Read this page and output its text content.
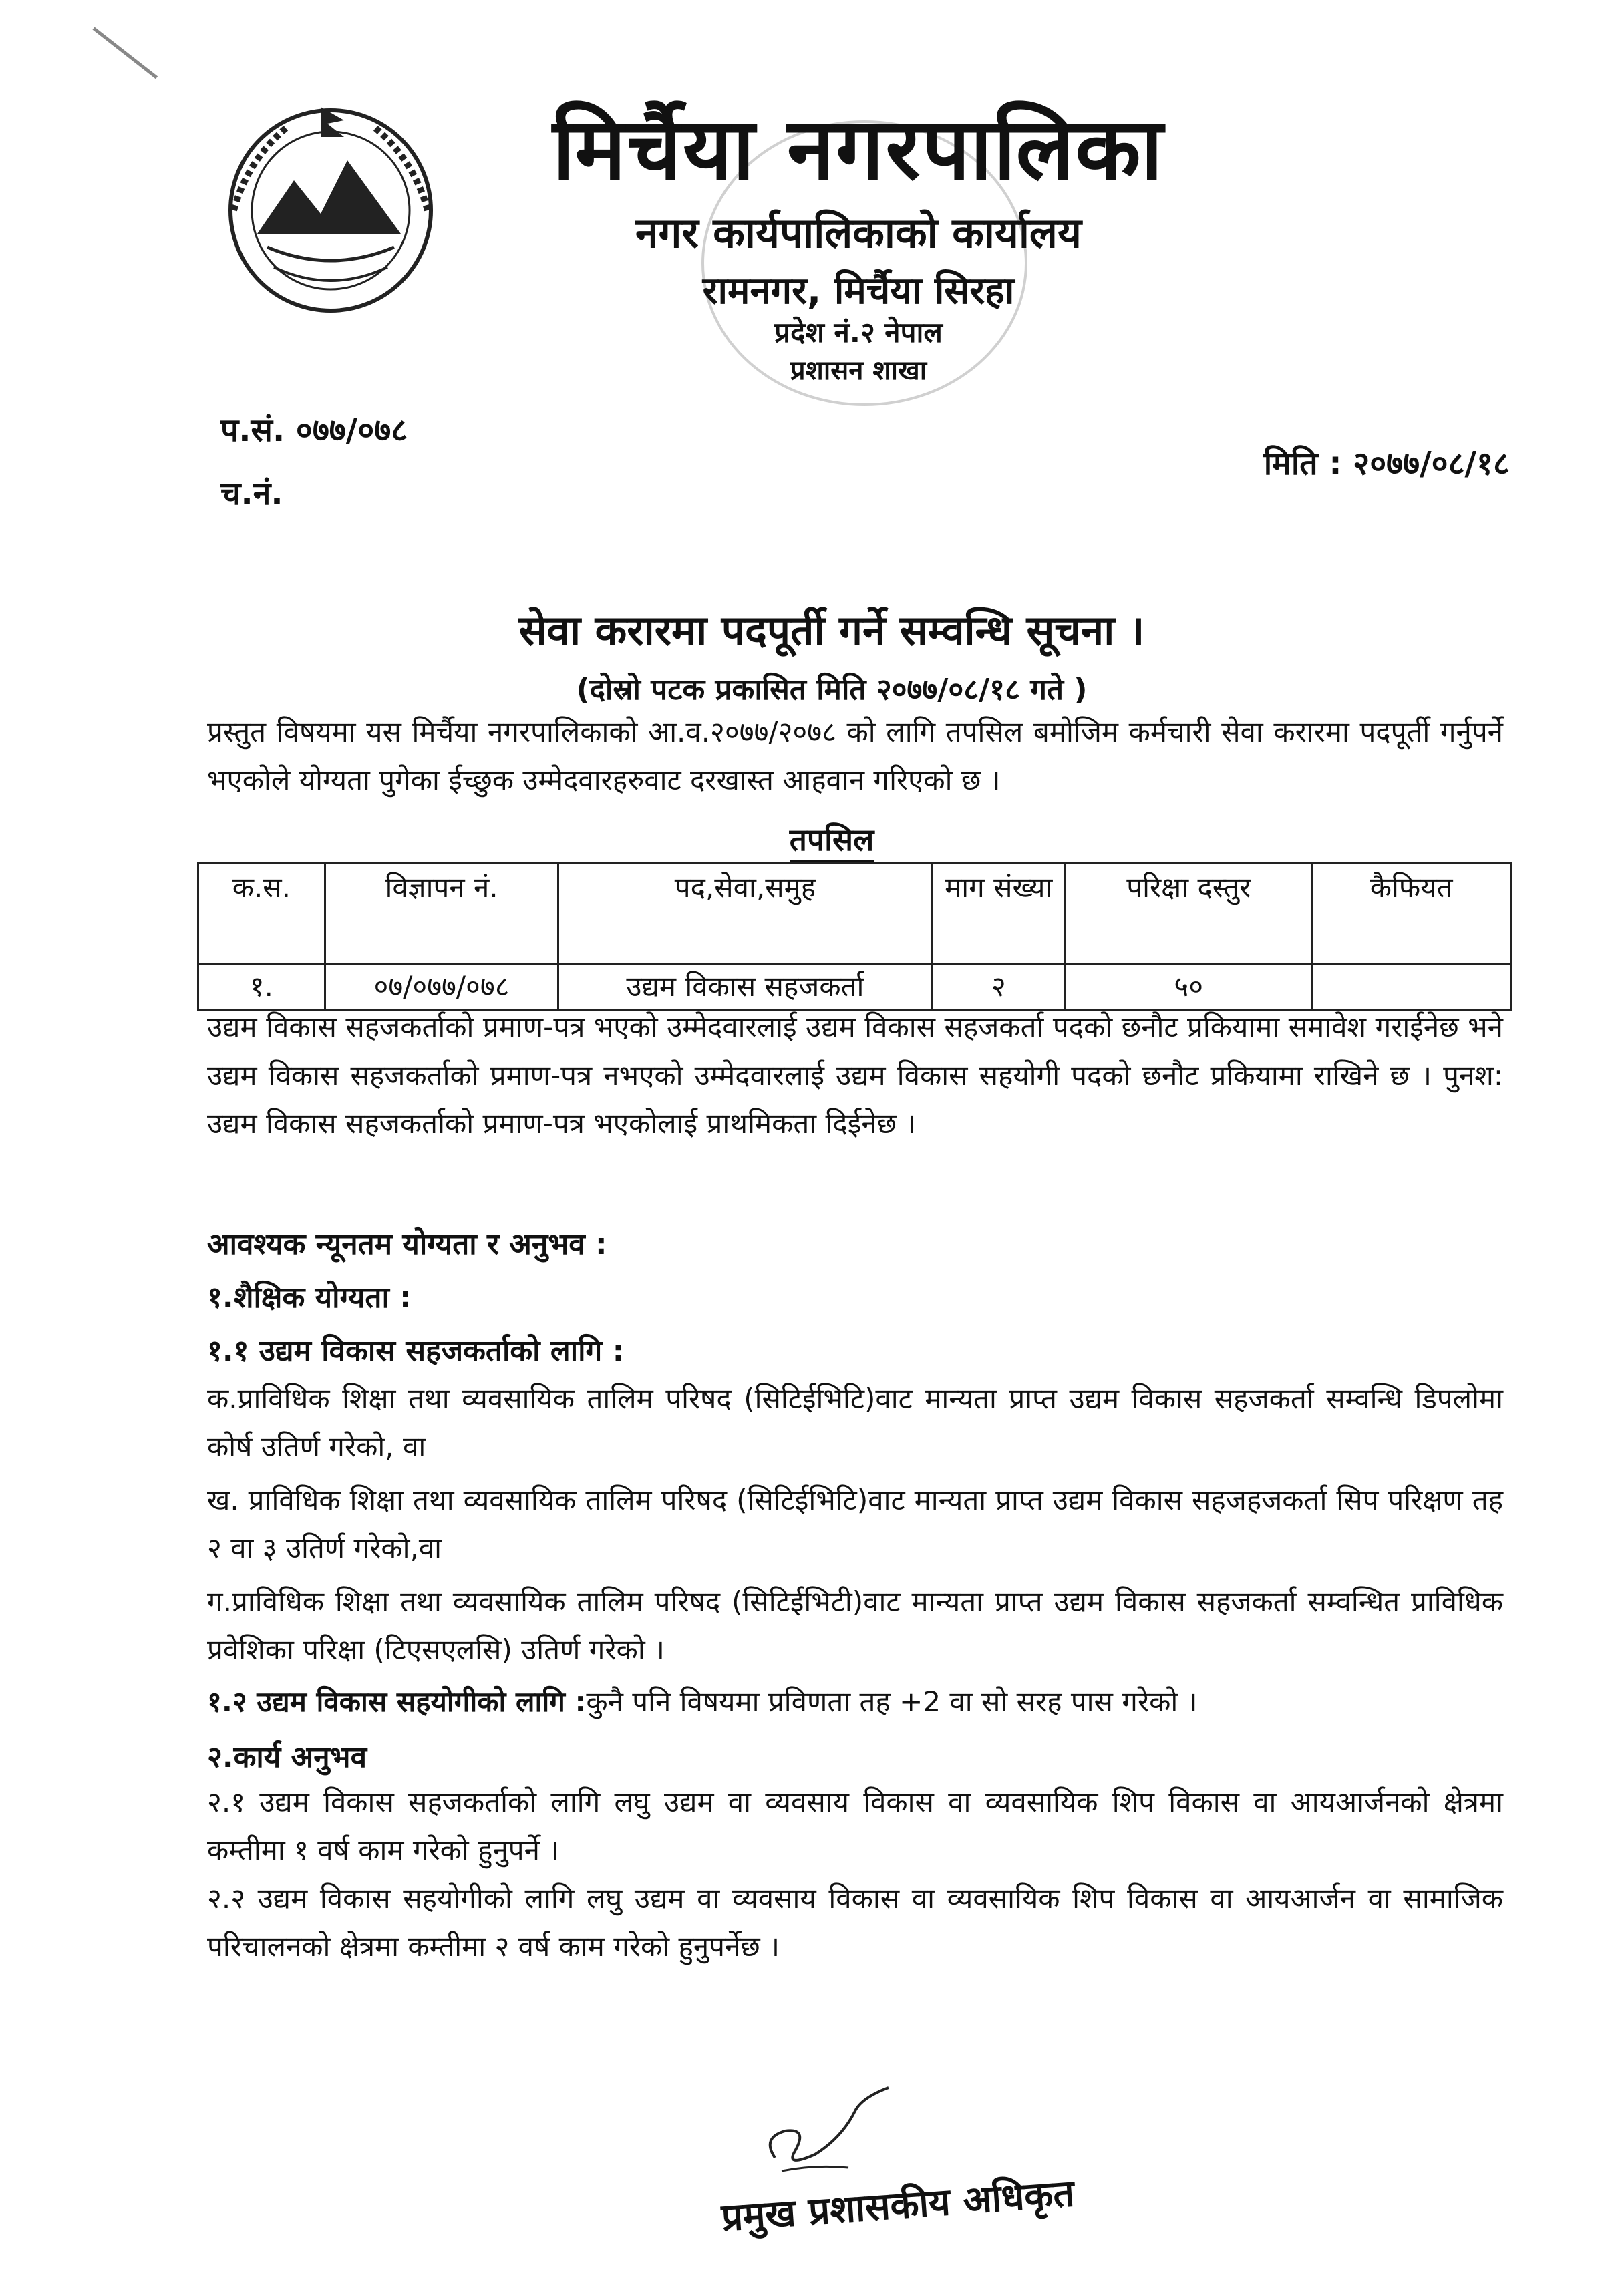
मिर्चैया नगरपालिका
नगर कार्यपालिकाको कार्यालय
रामनगर, मिर्चैया सिरहा
प्रदेश नं.२ नेपाल
प्रशासन शाखा
प.सं. ०७७/०७८
च.नं.
मिति : २०७७/०८/१८
सेवा करारमा पदपूर्ती गर्ने सम्वन्धि सूचना ।
(दोस्रो पटक प्रकासित मिति २०७७/०८/१८ गते )
प्रस्तुत विषयमा यस मिर्चैया नगरपालिकाको आ.व.२०७७/२०७८ को लागि तपसिल बमोजिम कर्मचारी सेवा करारमा पदपूर्ती गर्नुपर्ने भएकोले योग्यता पुगेका ईच्छुक उम्मेदवारहरुवाट दरखास्त आहवान गरिएको छ ।
तपसिल
क.स.	विज्ञापन नं.	पद,सेवा,समुह	माग संख्या	परिक्षा दस्तुर	कैफियत
१.	०७/०७७/०७८	उद्यम विकास सहजकर्ता	२	५०	
उद्यम विकास सहजकर्ताको प्रमाण-पत्र भएको उम्मेदवारलाई उद्यम विकास सहजकर्ता पदको छनौट प्रकियामा समावेश गराईनेछ भने उद्यम विकास सहजकर्ताको प्रमाण-पत्र नभएको उम्मेदवारलाई उद्यम विकास सहयोगी पदको छनौट प्रकियामा राखिने छ । पुनश: उद्यम विकास सहजकर्ताको प्रमाण-पत्र भएकोलाई प्राथमिकता दिईनेछ ।
आवश्यक न्यूनतम योग्यता र अनुभव :
१.शैक्षिक योग्यता :
१.१ उद्यम विकास सहजकर्ताको लागि :
क.प्राविधिक शिक्षा तथा व्यवसायिक तालिम परिषद (सिटिईभिटि)वाट मान्यता प्राप्त उद्यम विकास सहजकर्ता सम्वन्धि डिपलोमा कोर्ष उतिर्ण गरेको, वा
ख. प्राविधिक शिक्षा तथा व्यवसायिक तालिम परिषद (सिटिईभिटि)वाट मान्यता प्राप्त उद्यम विकास सहजहजकर्ता सिप परिक्षण तह २ वा ३ उतिर्ण गरेको,वा
ग.प्राविधिक शिक्षा तथा व्यवसायिक तालिम परिषद (सिटिईभिटी)वाट मान्यता प्राप्त उद्यम विकास सहजकर्ता सम्वन्धित प्राविधिक प्रवेशिका परिक्षा (टिएसएलसि) उतिर्ण गरेको ।
१.२ उद्यम विकास सहयोगीको लागि :कुनै पनि विषयमा प्रविणता तह +2 वा सो सरह पास गरेको ।
२.कार्य अनुभव
२.१ उद्यम विकास सहजकर्ताको लागि लघु उद्यम वा व्यवसाय विकास वा व्यवसायिक शिप विकास वा आयआर्जनको क्षेत्रमा कम्तीमा १ वर्ष काम गरेको हुनुपर्ने ।
२.२ उद्यम विकास सहयोगीको लागि लघु उद्यम वा व्यवसाय विकास वा व्यवसायिक शिप विकास वा आयआर्जन वा सामाजिक परिचालनको क्षेत्रमा कम्तीमा २ वर्ष काम गरेको हुनुपर्नेछ ।
प्रमुख प्रशासकीय अधिकृत
